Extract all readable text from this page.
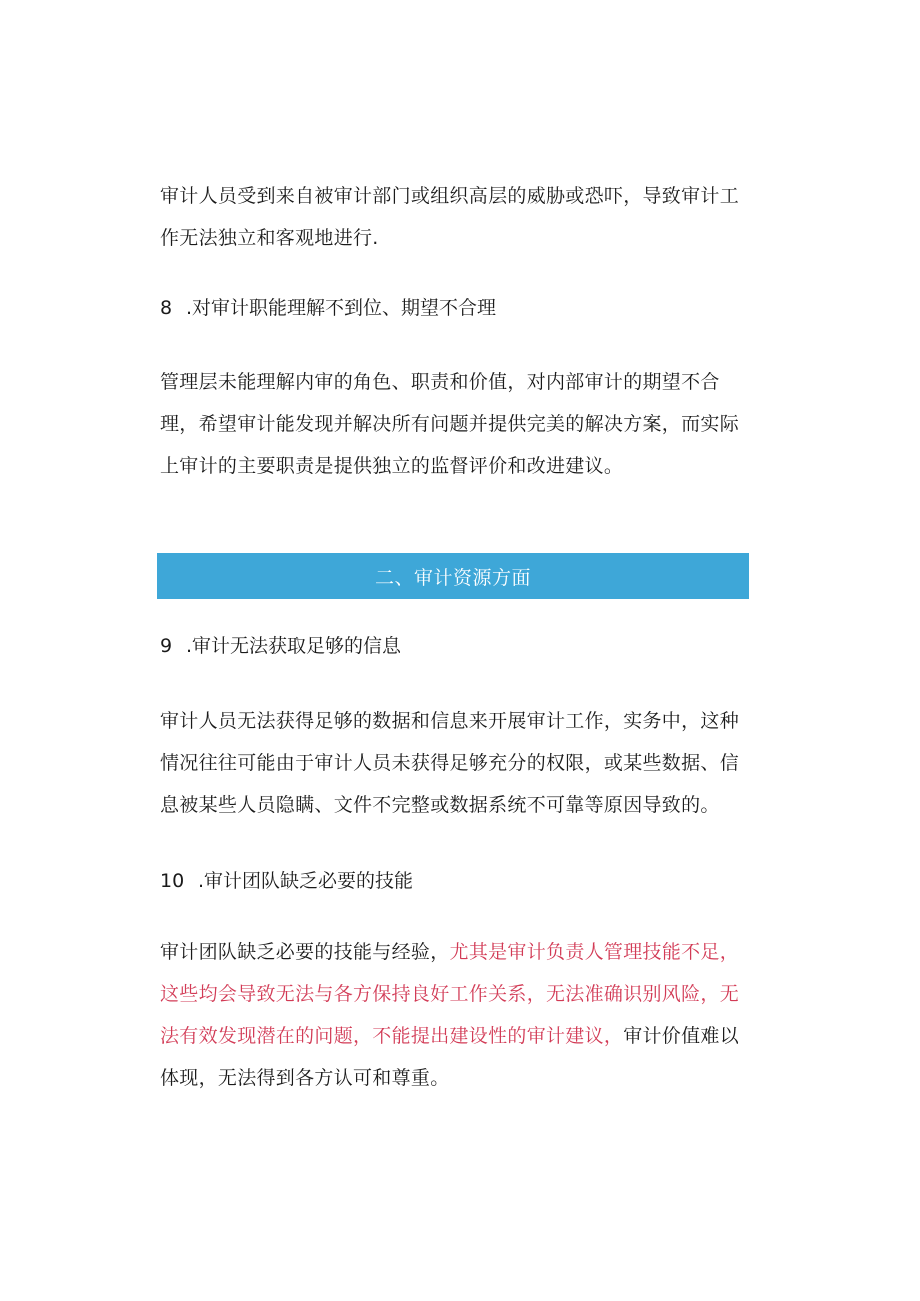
审计人员受到来自被审计部门或组织高层的威胁或恐吓，导致审计工作无法独立和客观地进行.

8 .对审计职能理解不到位、期望不合理

管理层未能理解内审的角色、职责和价值，对内部审计的期望不合理，希望审计能发现并解决所有问题并提供完美的解决方案，而实际上审计的主要职责是提供独立的监督评价和改进建议。

二、审计资源方面
9 .审计无法获取足够的信息

审计人员无法获得足够的数据和信息来开展审计工作，实务中，这种情况往往可能由于审计人员未获得足够充分的权限，或某些数据、信息被某些人员隐瞒、文件不完整或数据系统不可靠等原因导致的。

10 .审计团队缺乏必要的技能

审计团队缺乏必要的技能与经验，尤其是审计负责人管理技能不足，这些均会导致无法与各方保持良好工作关系，无法准确识别风险，无法有效发现潜在的问题，不能提出建设性的审计建议，审计价值难以体现，无法得到各方认可和尊重。
